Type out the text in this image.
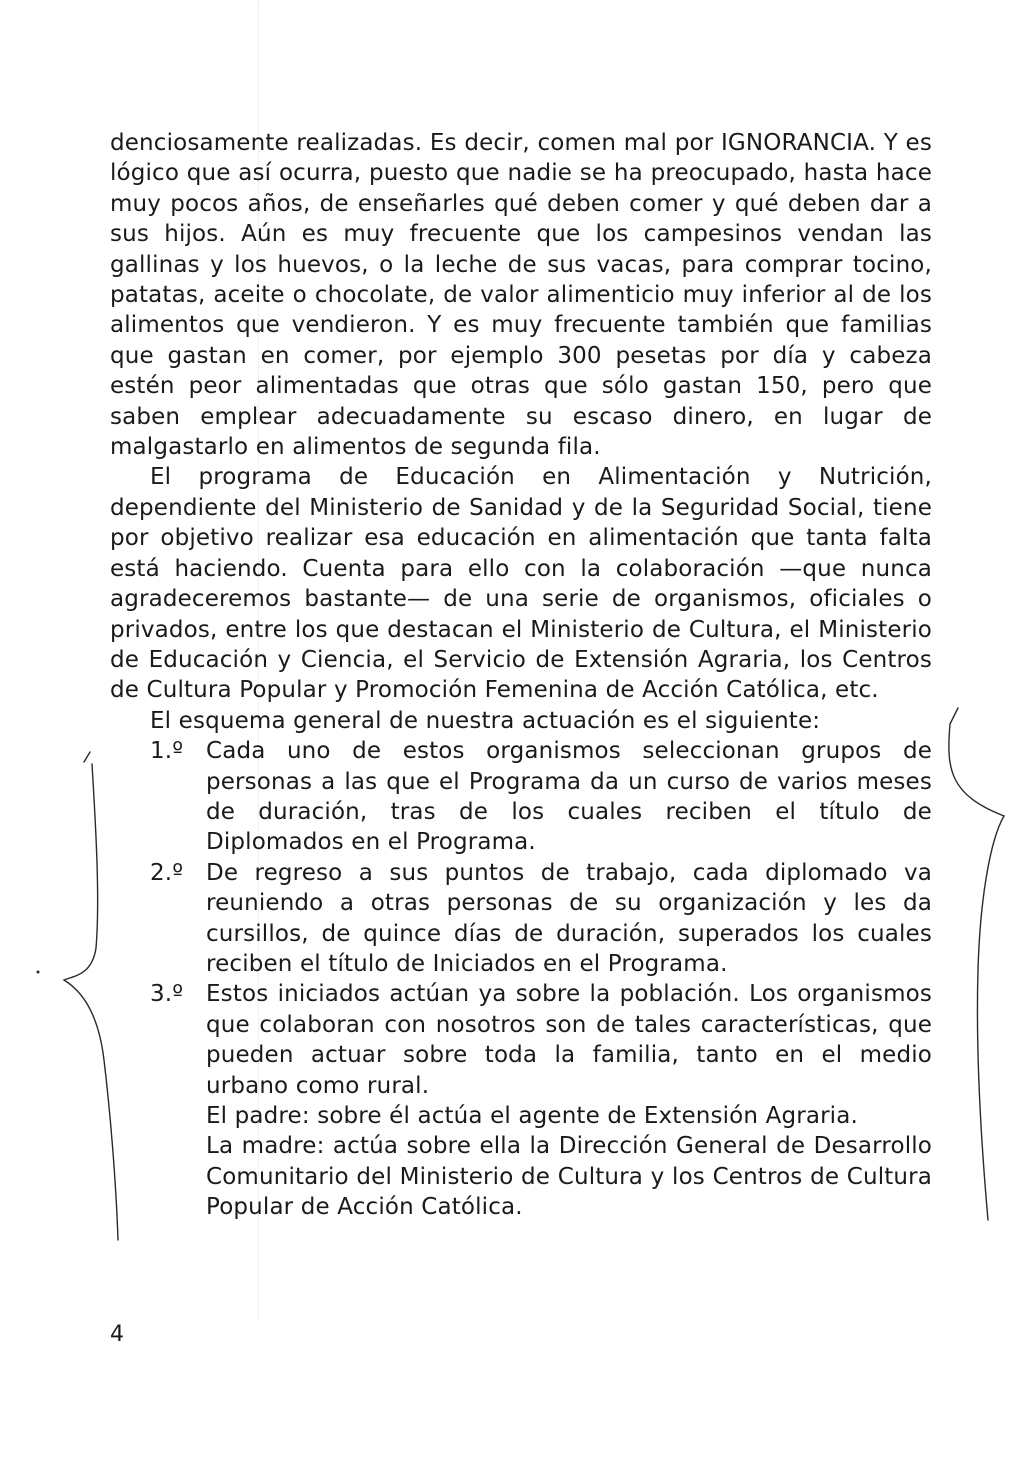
denciosamente realizadas. Es decir, comen mal por IGNORANCIA. Y es lógico que así ocurra, puesto que nadie se ha preocupado, hasta hace muy pocos años, de enseñarles qué deben comer y qué deben dar a sus hijos. Aún es muy frecuente que los campesinos vendan las gallinas y los huevos, o la leche de sus vacas, para comprar tocino, patatas, aceite o chocolate, de valor alimenticio muy inferior al de los alimentos que vendieron. Y es muy frecuente también que familias que gastan en comer, por ejemplo 300 pesetas por día y cabeza estén peor alimentadas que otras que sólo gastan 150, pero que saben emplear adecuadamente su escaso dinero, en lugar de malgastarlo en alimentos de segunda fila.

El programa de Educación en Alimentación y Nutrición, dependiente del Ministerio de Sanidad y de la Seguridad Social, tiene por objetivo realizar esa educación en alimentación que tanta falta está haciendo. Cuenta para ello con la colaboración —que nunca agradeceremos bastante— de una serie de organismos, oficiales o privados, entre los que destacan el Ministerio de Cultura, el Ministerio de Educación y Ciencia, el Servicio de Extensión Agraria, los Centros de Cultura Popular y Promoción Femenina de Acción Católica, etc.

El esquema general de nuestra actuación es el siguiente:

1.º Cada uno de estos organismos seleccionan grupos de personas a las que el Programa da un curso de varios meses de duración, tras de los cuales reciben el título de Diplomados en el Programa.
2.º De regreso a sus puntos de trabajo, cada diplomado va reuniendo a otras personas de su organización y les da cursillos, de quince días de duración, superados los cuales reciben el título de Iniciados en el Programa.
3.º Estos iniciados actúan ya sobre la población. Los organismos que colaboran con nosotros son de tales características, que pueden actuar sobre toda la familia, tanto en el medio urbano como rural.

El padre: sobre él actúa el agente de Extensión Agraria.

La madre: actúa sobre ella la Dirección General de Desarrollo Comunitario del Ministerio de Cultura y los Centros de Cultura Popular de Acción Católica.

4
